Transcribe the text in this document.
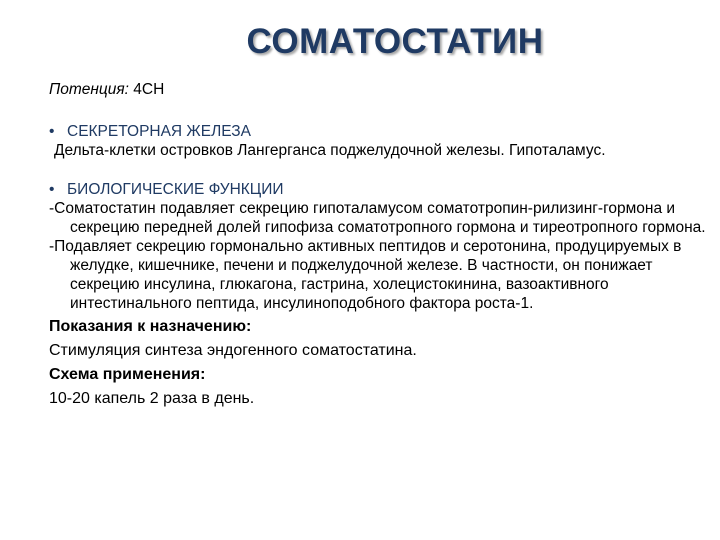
СОМАТОСТАТИН

Потенция: 4CH

• СЕКРЕТОРНАЯ ЖЕЛЕЗА

Дельта-клетки островков Лангерганса поджелудочной железы. Гипоталамус.

• БИОЛОГИЧЕСКИЕ ФУНКЦИИ

-Соматостатин подавляет секрецию гипоталамусом соматотропин-рилизинг-гормона и секрецию передней долей гипофиза соматотропного гормона и тиреотропного гормона.

-Подавляет секрецию гормонально активных пептидов и серотонина, продуцируемых в желудке, кишечнике, печени и поджелудочной железе. В частности, он понижает секрецию инсулина, глюкагона, гастрина, холецистокинина, вазоактивного интестинального пептида, инсулиноподобного фактора роста-1.

Показания к назначению:

Стимуляция синтеза эндогенного соматостатина.

Схема применения:

10-20 капель 2 раза в день.
